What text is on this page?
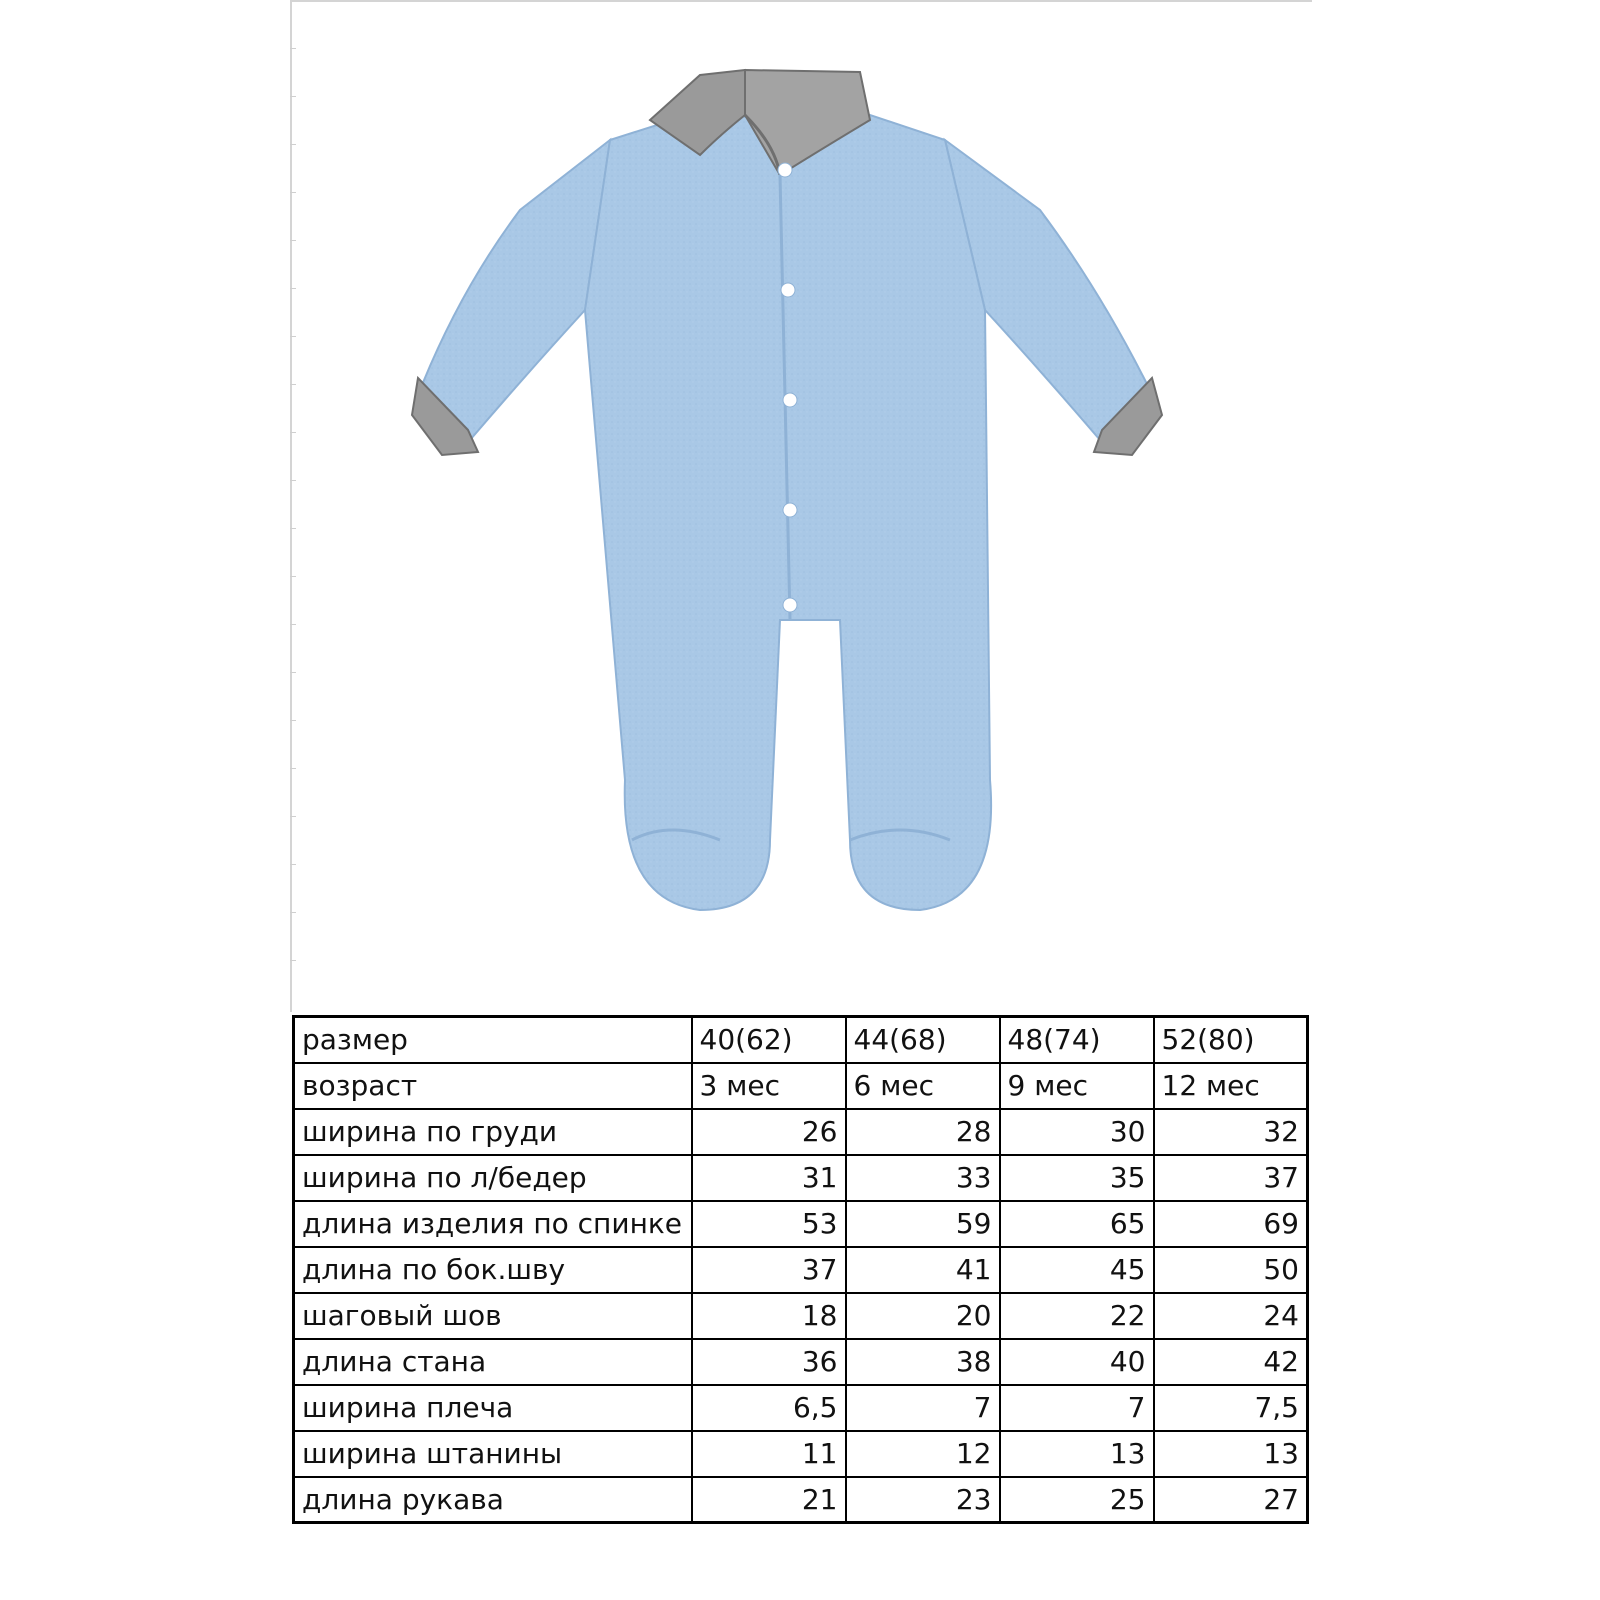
размер	40(62)	44(68)	48(74)	52(80)
возраст	3 мес	6 мес	9 мес	12 мес
ширина по груди	26	28	30	32
ширина по л/бедер	31	33	35	37
длина изделия по спинке	53	59	65	69
длина по бок.шву	37	41	45	50
шаговый шов	18	20	22	24
длина стана	36	38	40	42
ширина плеча	6,5	7	7	7,5
ширина штанины	11	12	13	13
длина рукава	21	23	25	27
